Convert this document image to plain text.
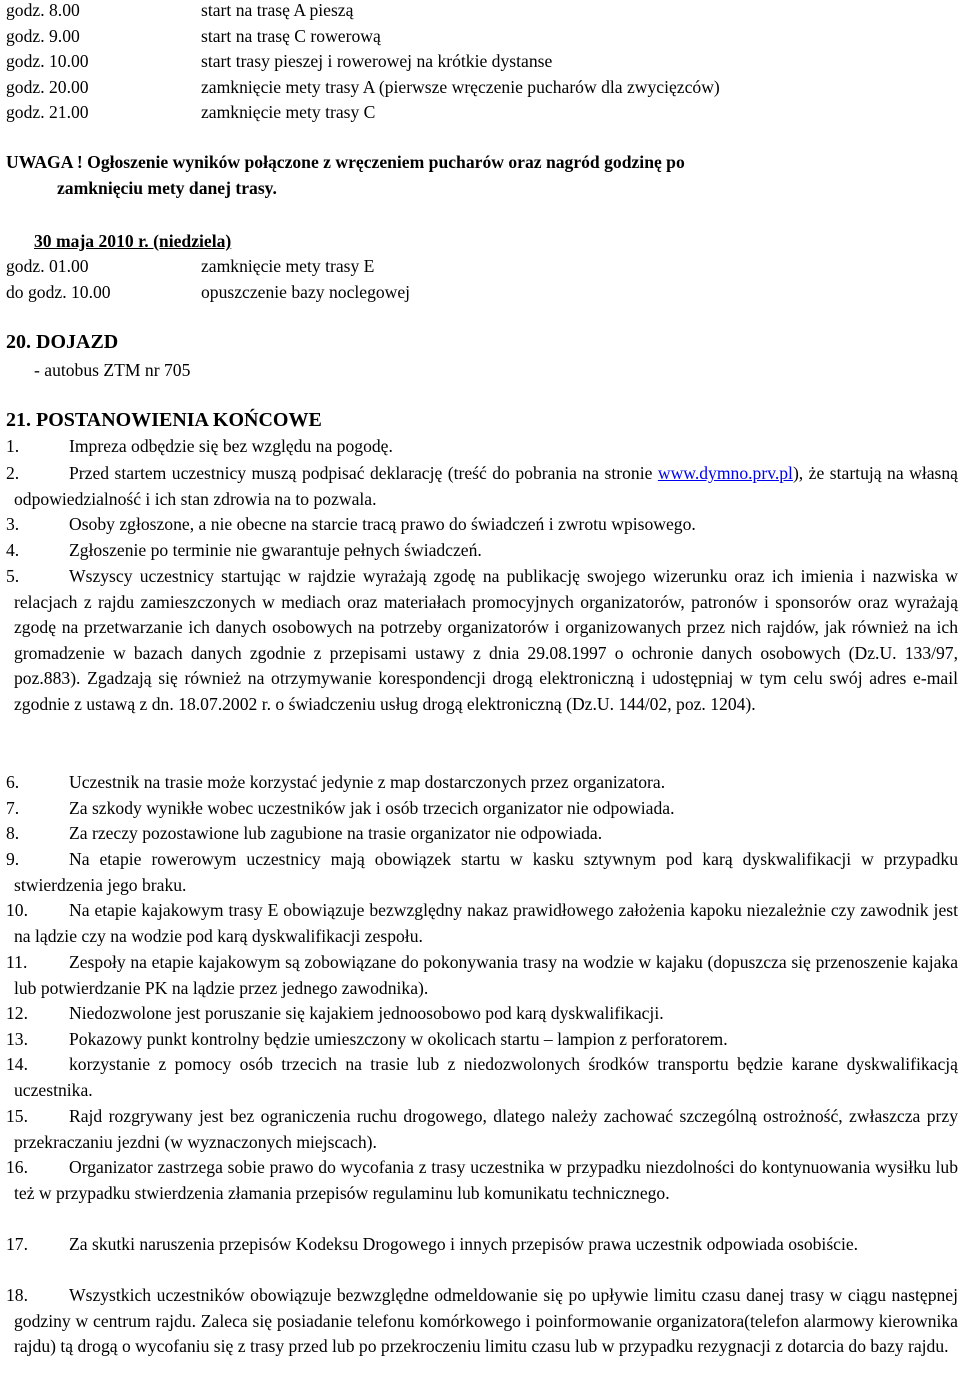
godz. 8.00	start na trasę A pieszą
godz. 9.00	start na trasę C rowerową
godz. 10.00	start trasy pieszej i rowerowej na krótkie dystanse
godz. 20.00	zamknięcie mety trasy A (pierwsze wręczenie pucharów dla zwycięzców)
godz. 21.00	zamknięcie mety trasy C
UWAGA ! Ogłoszenie wyników połączone z wręczeniem pucharów oraz nagród godzinę po
zamknięciu mety danej trasy.
30 maja 2010 r. (niedziela)
godz. 01.00	zamknięcie mety trasy E
do godz. 10.00	opuszczenie bazy noclegowej
20. DOJAZD
- autobus ZTM nr 705
21. POSTANOWIENIA KOŃCOWE
1.	Impreza odbędzie się bez względu na pogodę.
2.	Przed startem uczestnicy muszą podpisać deklarację (treść do pobrania na stronie www.dymno.prv.pl), że startują na własną odpowiedzialność i ich stan zdrowia na to pozwala.
3.	Osoby zgłoszone, a nie obecne na starcie tracą prawo do świadczeń i zwrotu wpisowego.
4.	Zgłoszenie po terminie nie gwarantuje pełnych świadczeń.
5.	Wszyscy uczestnicy startując w rajdzie wyrażają zgodę na publikację swojego wizerunku oraz ich imienia i nazwiska w relacjach z rajdu zamieszczonych w mediach oraz materiałach promocyjnych organizatorów, patronów i sponsorów oraz wyrażają zgodę na przetwarzanie ich danych osobowych na potrzeby organizatorów i organizowanych przez nich rajdów, jak również na ich gromadzenie w bazach danych zgodnie z przepisami ustawy z dnia 29.08.1997 o ochronie danych osobowych (Dz.U. 133/97, poz.883). Zgadzają się również na otrzymywanie korespondencji drogą elektroniczną i udostępniaj w tym celu swój adres e-mail zgodnie z ustawą z dn. 18.07.2002 r. o świadczeniu usług drogą elektroniczną (Dz.U. 144/02, poz. 1204).
6.	Uczestnik na trasie może korzystać jedynie z map dostarczonych przez organizatora.
7.	Za szkody wynikłe wobec uczestników jak i osób trzecich organizator nie odpowiada.
8.	Za rzeczy pozostawione lub zagubione na trasie organizator nie odpowiada.
9.	Na etapie rowerowym uczestnicy mają obowiązek startu w kasku sztywnym pod karą dyskwalifikacji w przypadku stwierdzenia jego braku.
10.	Na etapie kajakowym trasy E obowiązuje bezwzględny nakaz prawidłowego założenia kapoku niezależnie czy zawodnik jest na lądzie czy na wodzie pod karą dyskwalifikacji zespołu.
11.	Zespoły na etapie kajakowym są zobowiązane do pokonywania trasy na wodzie w kajaku (dopuszcza się przenoszenie kajaka lub potwierdzanie PK na lądzie przez jednego zawodnika).
12.	Niedozwolone jest poruszanie się kajakiem jednoosobowo pod karą dyskwalifikacji.
13.	Pokazowy punkt kontrolny będzie umieszczony w okolicach startu – lampion z perforatorem.
14.	korzystanie z pomocy osób trzecich na trasie lub z niedozwolonych środków transportu będzie karane dyskwalifikacją uczestnika.
15.	Rajd rozgrywany jest bez ograniczenia ruchu drogowego, dlatego należy zachować szczególną ostrożność, zwłaszcza przy przekraczaniu jezdni (w wyznaczonych miejscach).
16.	Organizator zastrzega sobie prawo do wycofania z trasy uczestnika w przypadku niezdolności do kontynuowania wysiłku lub też w przypadku stwierdzenia złamania przepisów regulaminu lub komunikatu technicznego.
17.	Za skutki naruszenia przepisów Kodeksu Drogowego i innych przepisów prawa uczestnik odpowiada osobiście.
18.	Wszystkich uczestników obowiązuje bezwzględne odmeldowanie się po upływie limitu czasu danej trasy w ciągu następnej godziny w centrum rajdu. Zaleca się posiadanie telefonu komórkowego i poinformowanie organizatora(telefon alarmowy kierownika rajdu) tą drogą o wycofaniu się z trasy przed lub po przekroczeniu limitu czasu lub w przypadku rezygnacji z dotarcia do bazy rajdu.
